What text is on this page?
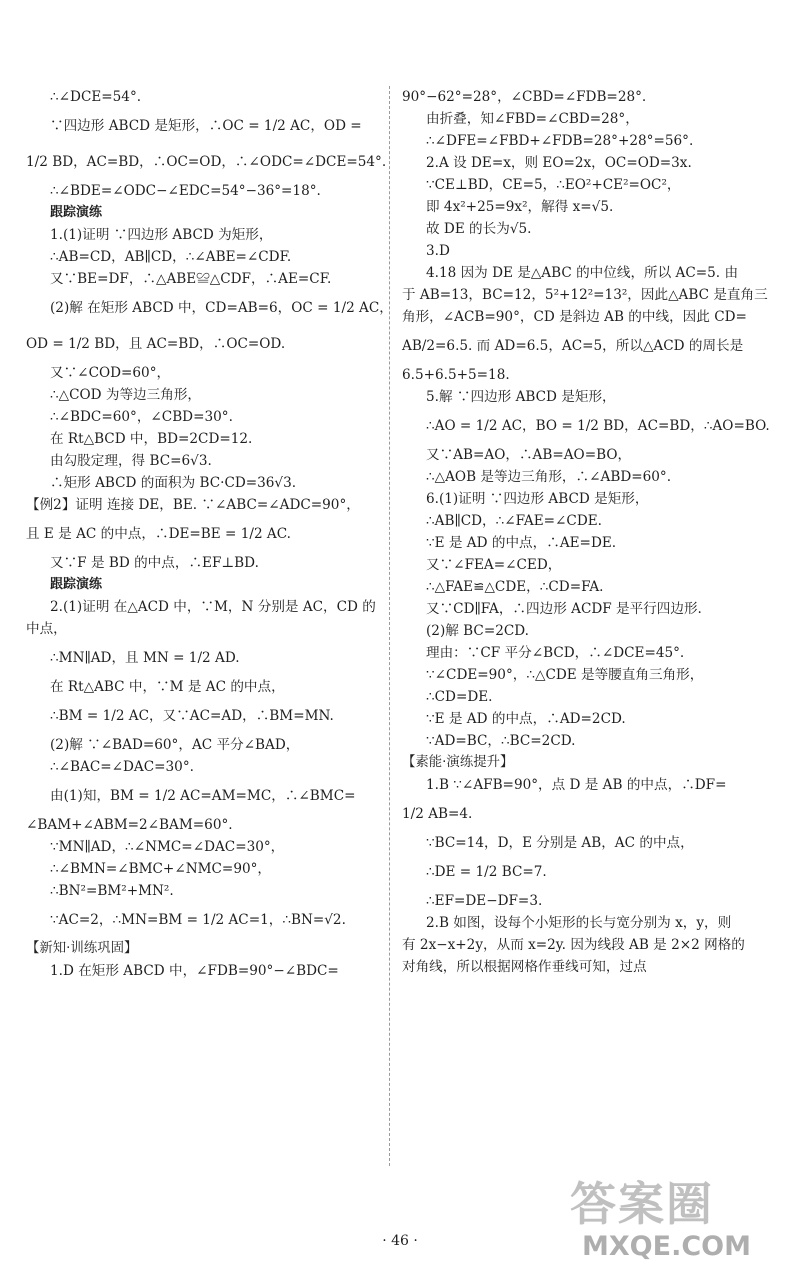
∴∠DCE=54°.
∵四边形 ABCD 是矩形，∴OC = 1/2 AC，OD =
1/2 BD，AC=BD，∴OC=OD，∴∠ODC=∠DCE=54°.
∴∠BDE=∠ODC−∠EDC=54°−36°=18°.
跟踪演练
1.(1)证明 ∵四边形 ABCD 为矩形，
∴AB=CD，AB∥CD，∴∠ABE=∠CDF.
又∵BE=DF，∴△ABE≌△CDF，∴AE=CF.
(2)解 在矩形 ABCD 中，CD=AB=6，OC = 1/2 AC，
OD = 1/2 BD，且 AC=BD，∴OC=OD.
又∵∠COD=60°，
∴△COD 为等边三角形，
∴∠BDC=60°，∠CBD=30°.
在 Rt△BCD 中，BD=2CD=12.
由勾股定理，得 BC=6√3.
∴矩形 ABCD 的面积为 BC·CD=36√3.
【例2】证明 连接 DE，BE. ∵∠ABC=∠ADC=90°，
且 E 是 AC 的中点，∴DE=BE = 1/2 AC.
又∵F 是 BD 的中点，∴EF⊥BD.
跟踪演练
2.(1)证明 在△ACD 中，∵M，N 分别是 AC，CD 的
中点，
∴MN∥AD，且 MN = 1/2 AD.
在 Rt△ABC 中，∵M 是 AC 的中点，
∴BM = 1/2 AC，又∵AC=AD，∴BM=MN.
(2)解 ∵∠BAD=60°，AC 平分∠BAD，
∴∠BAC=∠DAC=30°.
由(1)知，BM = 1/2 AC=AM=MC，∴∠BMC=
∠BAM+∠ABM=2∠BAM=60°.
∵MN∥AD，∴∠NMC=∠DAC=30°，
∴∠BMN=∠BMC+∠NMC=90°，
∴BN²=BM²+MN².
∵AC=2，∴MN=BM = 1/2 AC=1，∴BN=√2.
【新知·训练巩固】
1.D 在矩形 ABCD 中，∠FDB=90°−∠BDC=
90°−62°=28°，∠CBD=∠FDB=28°.
由折叠，知∠FBD=∠CBD=28°，
∴∠DFE=∠FBD+∠FDB=28°+28°=56°.
2.A 设 DE=x，则 EO=2x，OC=OD=3x.
∵CE⊥BD，CE=5，∴EO²+CE²=OC²，
即 4x²+25=9x²，解得 x=√5.
故 DE 的长为√5.
3.D
4.18 因为 DE 是△ABC 的中位线，所以 AC=5. 由
于 AB=13，BC=12，5²+12²=13²，因此△ABC 是直角三
角形，∠ACB=90°，CD 是斜边 AB 的中线，因此 CD=
AB/2=6.5. 而 AD=6.5，AC=5，所以△ACD 的周长是
6.5+6.5+5=18.
5.解 ∵四边形 ABCD 是矩形，
∴AO = 1/2 AC，BO = 1/2 BD，AC=BD，∴AO=BO.
又∵AB=AO，∴AB=AO=BO，
∴△AOB 是等边三角形，∴∠ABD=60°.
6.(1)证明 ∵四边形 ABCD 是矩形，
∴AB∥CD，∴∠FAE=∠CDE.
∵E 是 AD 的中点，∴AE=DE.
又∵∠FEA=∠CED，
∴△FAE≌△CDE，∴CD=FA.
又∵CD∥FA，∴四边形 ACDF 是平行四边形.
(2)解 BC=2CD.
理由：∵CF 平分∠BCD，∴∠DCE=45°.
∵∠CDE=90°，∴△CDE 是等腰直角三角形，
∴CD=DE.
∵E 是 AD 的中点，∴AD=2CD.
∵AD=BC，∴BC=2CD.
【素能·演练提升】
1.B ∵∠AFB=90°，点 D 是 AB 的中点，∴DF=
1/2 AB=4.
∵BC=14，D，E 分别是 AB，AC 的中点，
∴DE = 1/2 BC=7.
∴EF=DE−DF=3.
2.B 如图，设每个小矩形的长与宽分别为 x，y，则
有 2x−x+2y，从而 x=2y. 因为线段 AB 是 2×2 网格的
对角线，所以根据网格作垂线可知，过点
· 46 ·
答案圈
MXQE.COM
